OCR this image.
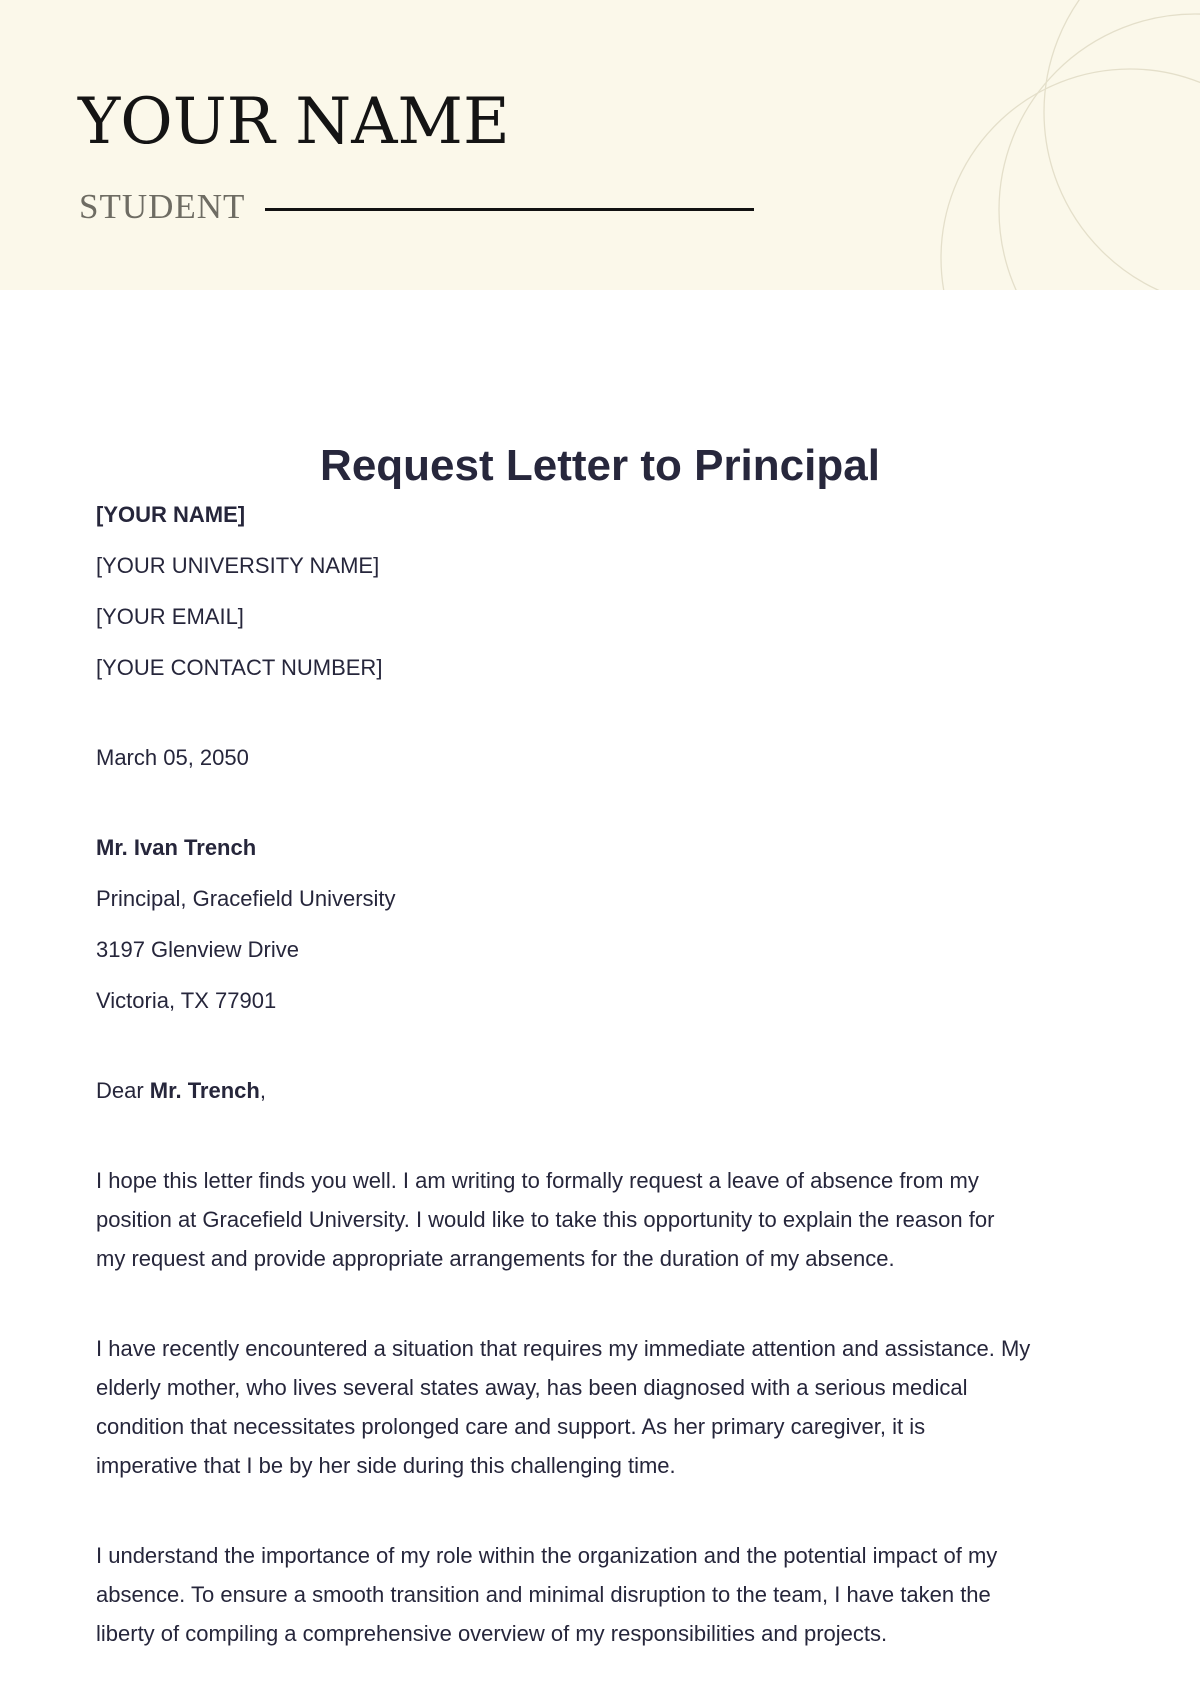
YOUR NAME
STUDENT
Request Letter to Principal
[YOUR NAME]
[YOUR UNIVERSITY NAME]
[YOUR EMAIL]
[YOUE CONTACT NUMBER]
March 05, 2050
Mr. Ivan Trench
Principal, Gracefield University
3197 Glenview Drive
Victoria, TX 77901
Dear Mr. Trench,
I hope this letter finds you well. I am writing to formally request a leave of absence from my
position at Gracefield University. I would like to take this opportunity to explain the reason for
my request and provide appropriate arrangements for the duration of my absence.
I have recently encountered a situation that requires my immediate attention and assistance. My
elderly mother, who lives several states away, has been diagnosed with a serious medical
condition that necessitates prolonged care and support. As her primary caregiver, it is
imperative that I be by her side during this challenging time.
I understand the importance of my role within the organization and the potential impact of my
absence. To ensure a smooth transition and minimal disruption to the team, I have taken the
liberty of compiling a comprehensive overview of my responsibilities and projects.
